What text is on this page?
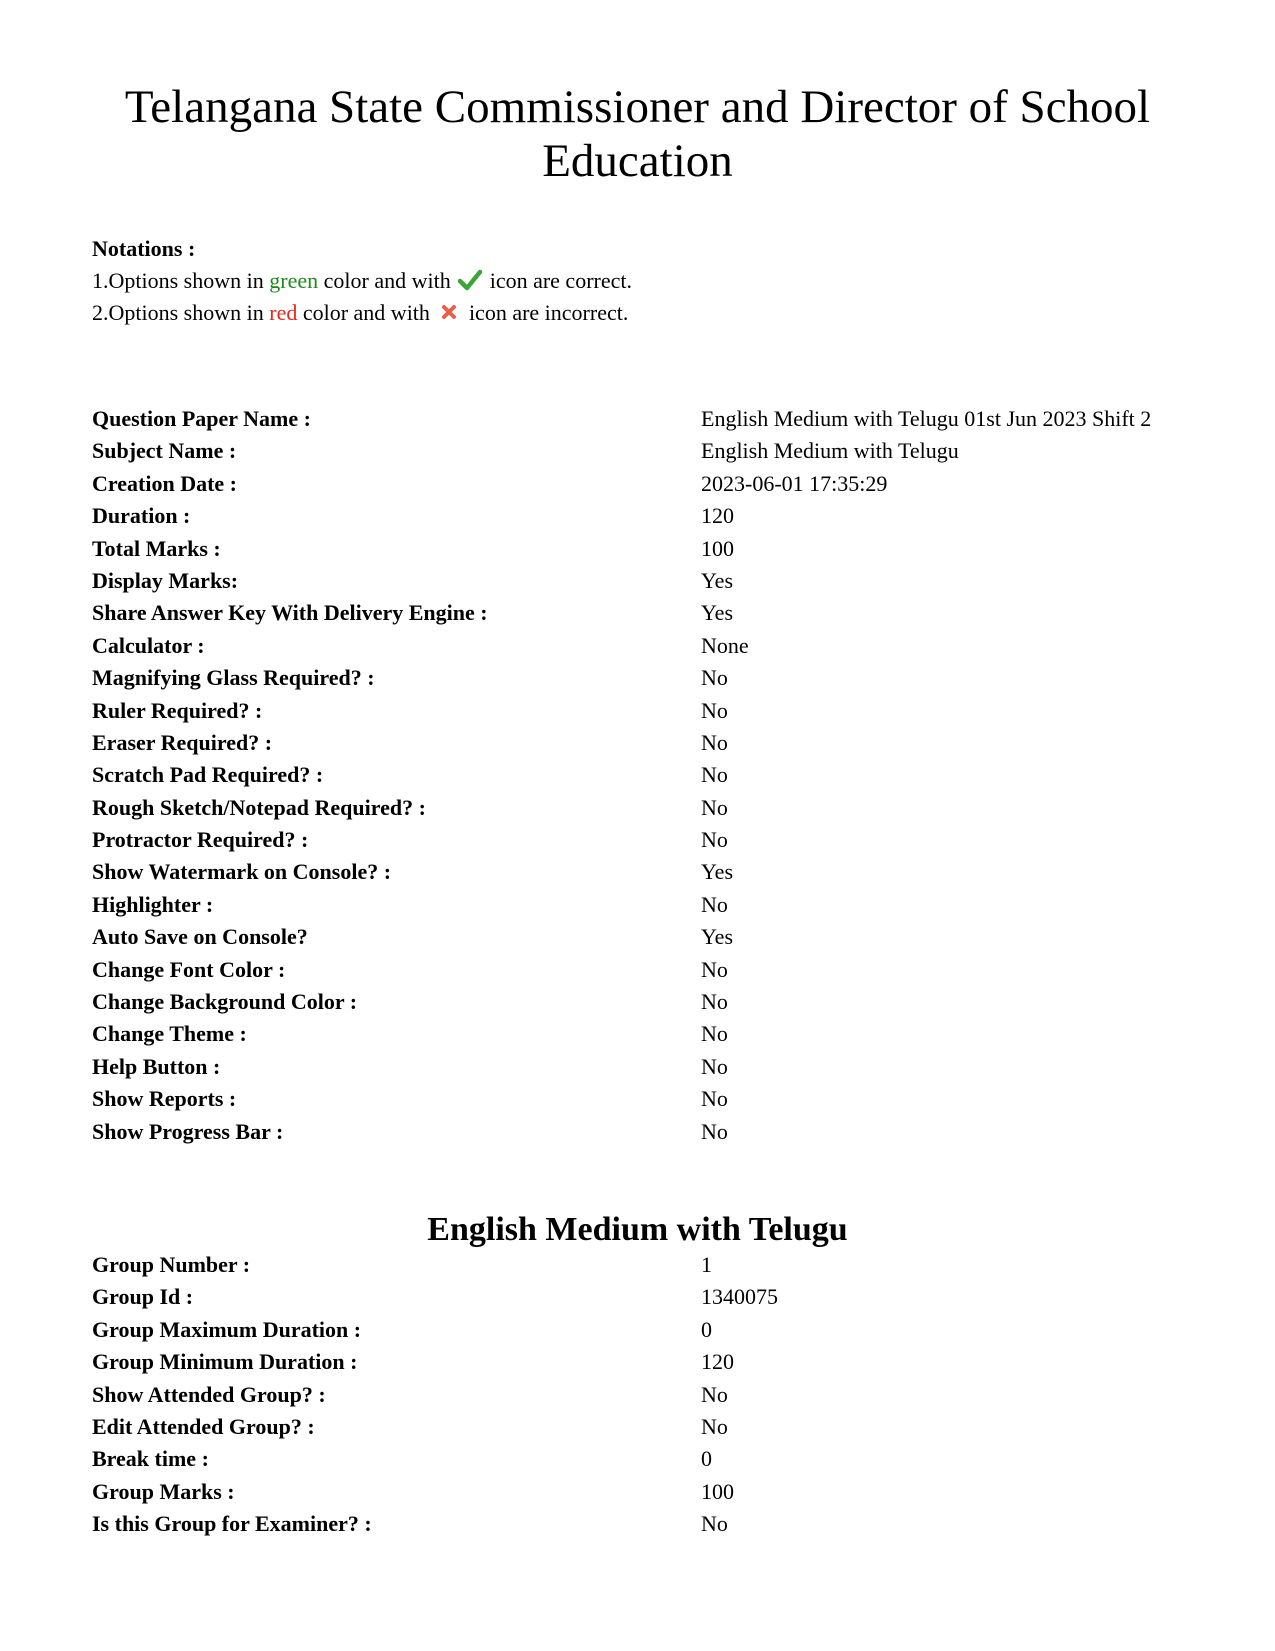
Telangana State Commissioner and Director of School Education
Notations :
1.Options shown in green color and with icon are correct.
2.Options shown in red color and with icon are incorrect.
Question Paper Name :	English Medium with Telugu 01st Jun 2023 Shift 2
Subject Name :	English Medium with Telugu
Creation Date :	2023-06-01 17:35:29
Duration :	120
Total Marks :	100
Display Marks:	Yes
Share Answer Key With Delivery Engine :	Yes
Calculator :	None
Magnifying Glass Required? :	No
Ruler Required? :	No
Eraser Required? :	No
Scratch Pad Required? :	No
Rough Sketch/Notepad Required? :	No
Protractor Required? :	No
Show Watermark on Console? :	Yes
Highlighter :	No
Auto Save on Console?	Yes
Change Font Color :	No
Change Background Color :	No
Change Theme :	No
Help Button :	No
Show Reports :	No
Show Progress Bar :	No
English Medium with Telugu
Group Number :	1
Group Id :	1340075
Group Maximum Duration :	0
Group Minimum Duration :	120
Show Attended Group? :	No
Edit Attended Group? :	No
Break time :	0
Group Marks :	100
Is this Group for Examiner? :	No
